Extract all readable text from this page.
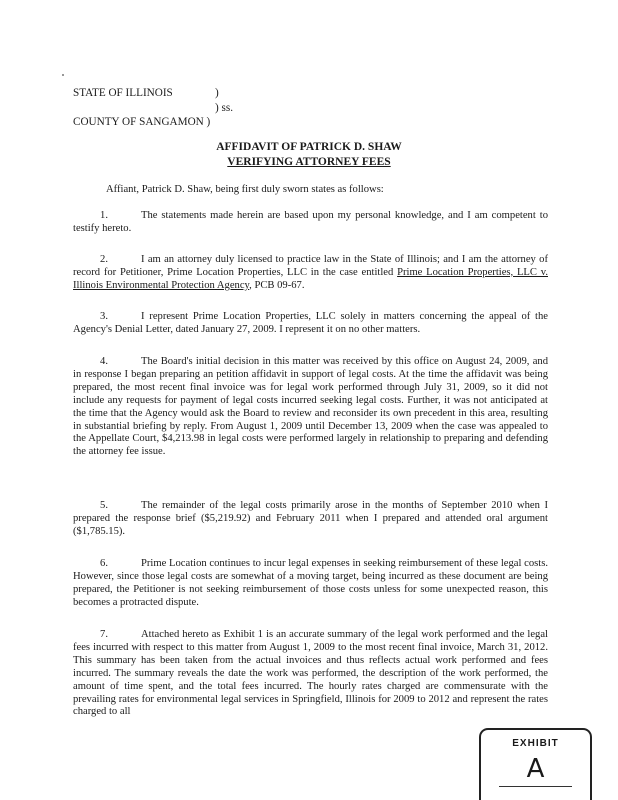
STATE OF ILLINOIS	)
) ss.
COUNTY OF SANGAMON )
AFFIDAVIT OF PATRICK D. SHAW
VERIFYING ATTORNEY FEES
Affiant, Patrick D. Shaw, being first duly sworn states as follows:

1.	The statements made herein are based upon my personal knowledge, and I am competent to testify hereto.

2.	I am an attorney duly licensed to practice law in the State of Illinois; and I am the attorney of record for Petitioner, Prime Location Properties, LLC in the case entitled Prime Location Properties, LLC v. Illinois Environmental Protection Agency, PCB 09-67.

3.	I represent Prime Location Properties, LLC solely in matters concerning the appeal of the Agency's Denial Letter, dated January 27, 2009. I represent it on no other matters.

4.	The Board's initial decision in this matter was received by this office on August 24, 2009, and in response I began preparing an petition affidavit in support of legal costs. At the time the affidavit was being prepared, the most recent final invoice was for legal work performed through July 31, 2009, so it did not include any requests for payment of legal costs incurred seeking legal costs. Further, it was not anticipated at the time that the Agency would ask the Board to review and reconsider its own precedent in this area, resulting in substantial briefing by reply. From August 1, 2009 until December 13, 2009 when the case was appealed to the Appellate Court, $4,213.98 in legal costs were performed largely in relationship to preparing and defending the attorney fee issue.

5.	The remainder of the legal costs primarily arose in the months of September 2010 when I prepared the response brief ($5,219.92) and February 2011 when I prepared and attended oral argument ($1,785.15).

6.	Prime Location continues to incur legal expenses in seeking reimbursement of these legal costs. However, since those legal costs are somewhat of a moving target, being incurred as these document are being prepared, the Petitioner is not seeking reimbursement of those costs unless for some unexpected reason, this becomes a protracted dispute.

7.	Attached hereto as Exhibit 1 is an accurate summary of the legal work performed and the legal fees incurred with respect to this matter from August 1, 2009 to the most recent final invoice, March 31, 2012. This summary has been taken from the actual invoices and thus reflects actual work performed and fees incurred. The summary reveals the date the work was performed, the description of the work performed, the amount of time spent, and the total fees incurred. The hourly rates charged are commensurate with the prevailing rates for environmental legal services in Springfield, Illinois for 2009 to 2012 and represent the rates charged to all

EXHIBIT
A
